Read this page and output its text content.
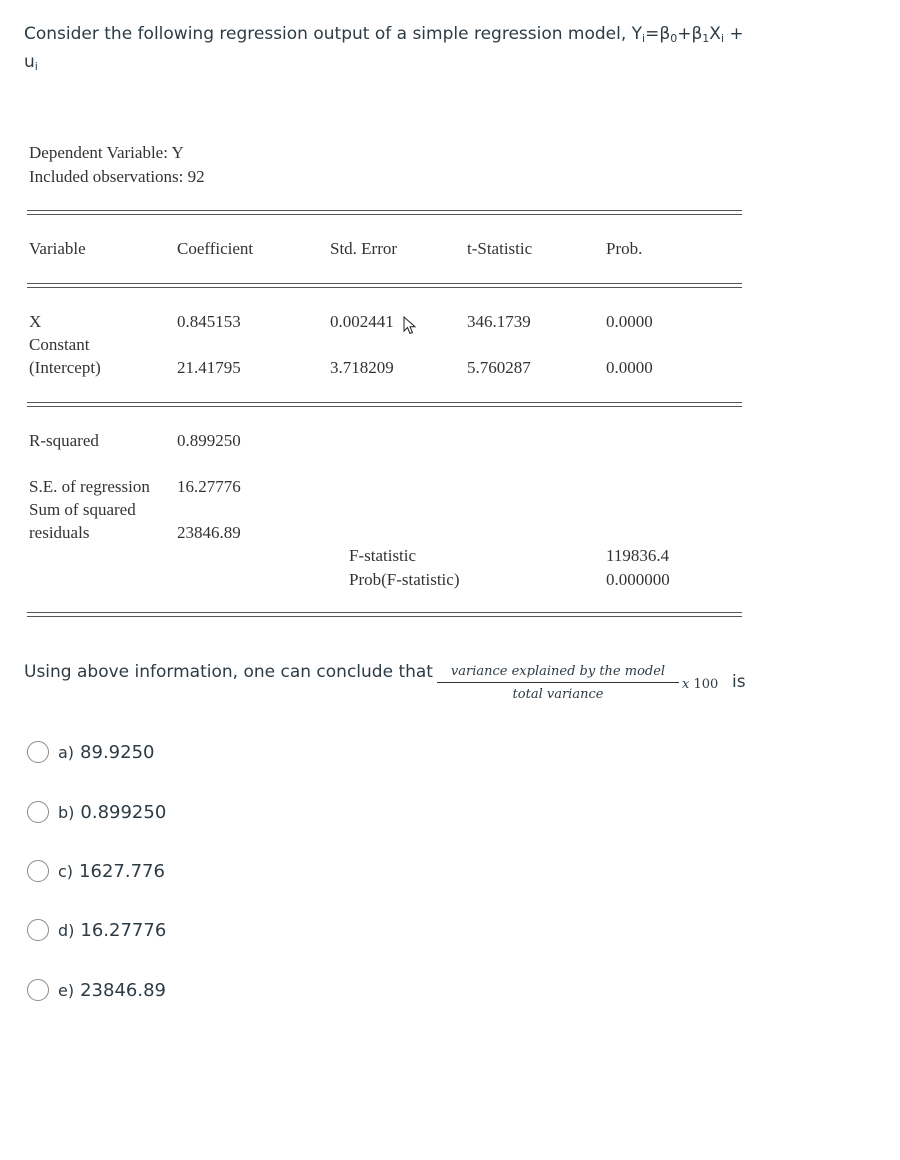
Consider the following regression output of a simple regression model, $Y_i=\beta_0+\beta_1X_i$ +
$u_i$
Dependent Variable: Y
Included observations: 92
Variable	Coefficient	Std. Error	t-Statistic	Prob.
X	0.845153	0.002441	346.1739	0.0000
Constant
(Intercept)	21.41795	3.718209	5.760287	0.0000
R-squared	0.899250
S.E. of regression 16.27776
Sum of squared
residuals	23846.89
F-statistic	119836.4
Prob(F-statistic)	0.000000
Using above information, one can conclude that	variance explained by the model
total variance
x 100 is
a) 89.9250
b) 0.899250
c) 1627.776
d) 16.27776
e) 23846.89
